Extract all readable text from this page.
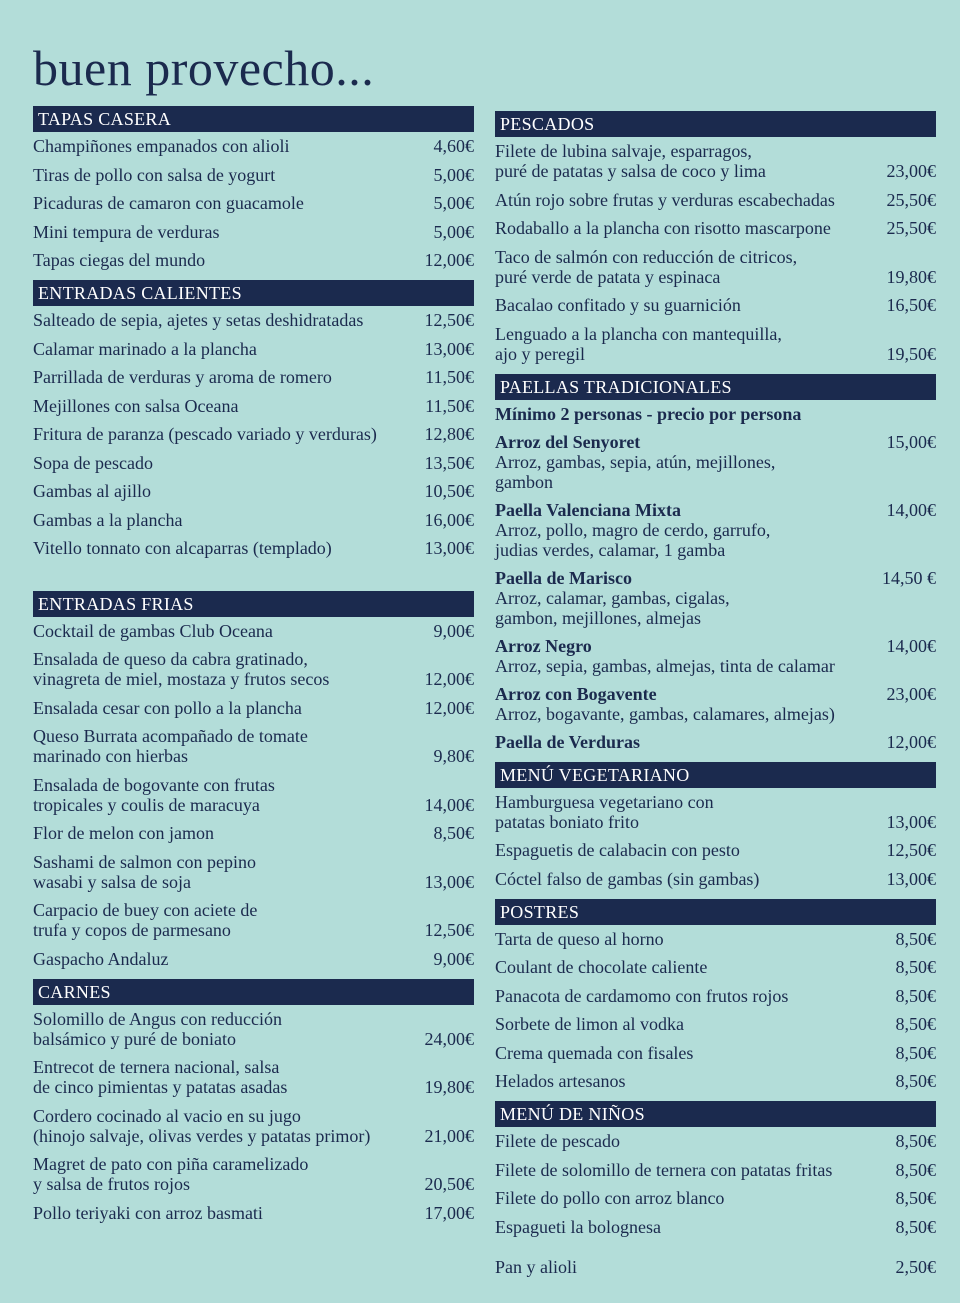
buen provecho...
TAPAS CASERA
Champiñones empanados con alioli	4,60€
Tiras de pollo con salsa de yogurt	5,00€
Picaduras de camaron con guacamole	5,00€
Mini tempura de verduras	5,00€
Tapas ciegas del mundo	12,00€
ENTRADAS CALIENTES
Salteado de sepia, ajetes y setas deshidratadas	12,50€
Calamar marinado a la plancha	13,00€
Parrillada de verduras y aroma de romero	11,50€
Mejillones con salsa Oceana	11,50€
Fritura de paranza (pescado variado y verduras)	12,80€
Sopa de pescado	13,50€
Gambas al ajillo	10,50€
Gambas a la plancha	16,00€
Vitello tonnato con alcaparras (templado)	13,00€
ENTRADAS FRIAS
Cocktail de gambas Club Oceana	9,00€
Ensalada de queso da cabra gratinado,
vinagreta de miel, mostaza y frutos secos	12,00€
Ensalada cesar con pollo a la plancha	12,00€
Queso Burrata acompañado de tomate
marinado con hierbas	9,80€
Ensalada de bogovante con frutas
tropicales y coulis de maracuya	14,00€
Flor de melon con jamon	8,50€
Sashami de salmon con pepino
wasabi y salsa de soja	13,00€
Carpacio de buey con aciete de
trufa y copos de parmesano	12,50€
Gaspacho Andaluz	9,00€
CARNES
Solomillo de Angus con reducción
balsámico y puré de boniato	24,00€
Entrecot de ternera nacional, salsa
de cinco pimientas y patatas asadas	19,80€
Cordero cocinado al vacio en su jugo
(hinojo salvaje, olivas verdes y patatas primor)	21,00€
Magret de pato con piña caramelizado
y salsa de frutos rojos	20,50€
Pollo teriyaki con arroz basmati	17,00€
PESCADOS
Filete de lubina salvaje, esparragos,
puré de patatas y salsa de coco y lima	23,00€
Atún rojo sobre frutas y verduras escabechadas	25,50€
Rodaballo a la plancha con risotto mascarpone	25,50€
Taco de salmón con reducción de citricos,
puré verde de patata y espinaca	19,80€
Bacalao confitado y su guarnición	16,50€
Lenguado a la plancha con mantequilla,
ajo y peregil	19,50€
PAELLAS TRADICIONALES
Mínimo 2 personas - precio por persona
Arroz del Senyoret	15,00€
Arroz, gambas, sepia, atún, mejillones,
gambon
Paella Valenciana Mixta	14,00€
Arroz, pollo, magro de cerdo, garrufo,
judias verdes, calamar, 1 gamba
Paella de Marisco	14,50 €
Arroz, calamar, gambas, cigalas,
gambon, mejillones, almejas
Arroz Negro	14,00€
Arroz, sepia, gambas, almejas, tinta de calamar
Arroz con Bogavente	23,00€
Arroz, bogavante, gambas, calamares, almejas)
Paella de Verduras	12,00€
MENÚ VEGETARIANO
Hamburguesa vegetariano con
patatas boniato frito	13,00€
Espaguetis de calabacin con pesto	12,50€
Cóctel falso de gambas (sin gambas)	13,00€
POSTRES
Tarta de queso al horno	8,50€
Coulant de chocolate caliente	8,50€
Panacota de cardamomo con frutos rojos	8,50€
Sorbete de limon al vodka	8,50€
Crema quemada con fisales	8,50€
Helados artesanos	8,50€
MENÚ DE NIÑOS
Filete de pescado	8,50€
Filete de solomillo de ternera con patatas fritas	8,50€
Filete do pollo con arroz blanco	8,50€
Espagueti la bolognesa	8,50€
Pan y alioli	2,50€
